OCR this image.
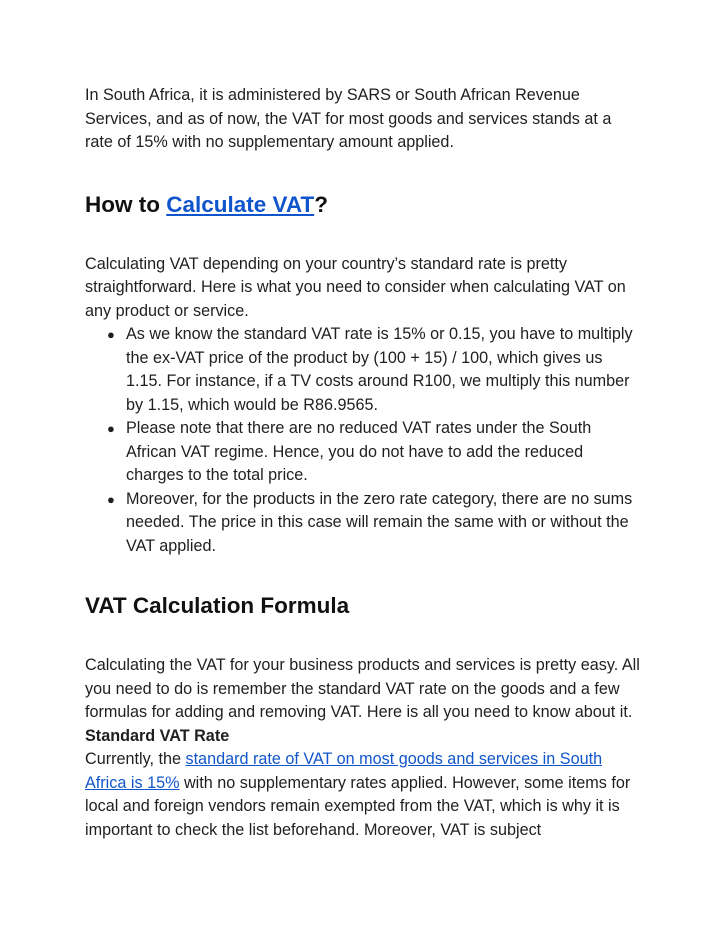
In South Africa, it is administered by SARS or South African Revenue Services, and as of now, the VAT for most goods and services stands at a rate of 15% with no supplementary amount applied.

How to Calculate VAT?

Calculating VAT depending on your country’s standard rate is pretty straightforward. Here is what you need to consider when calculating VAT on any product or service.

● As we know the standard VAT rate is 15% or 0.15, you have to multiply the ex-VAT price of the product by (100 + 15) / 100, which gives us 1.15. For instance, if a TV costs around R100, we multiply this number by 1.15, which would be R86.9565.
● Please note that there are no reduced VAT rates under the South African VAT regime. Hence, you do not have to add the reduced charges to the total price.
● Moreover, for the products in the zero rate category, there are no sums needed. The price in this case will remain the same with or without the VAT applied.
VAT Calculation Formula

Calculating the VAT for your business products and services is pretty easy. All you need to do is remember the standard VAT rate on the goods and a few formulas for adding and removing VAT. Here is all you need to know about it.

Standard VAT Rate

Currently, the standard rate of VAT on most goods and services in South Africa is 15% with no supplementary rates applied. However, some items for local and foreign vendors remain exempted from the VAT, which is why it is important to check the list beforehand. Moreover, VAT is subject
